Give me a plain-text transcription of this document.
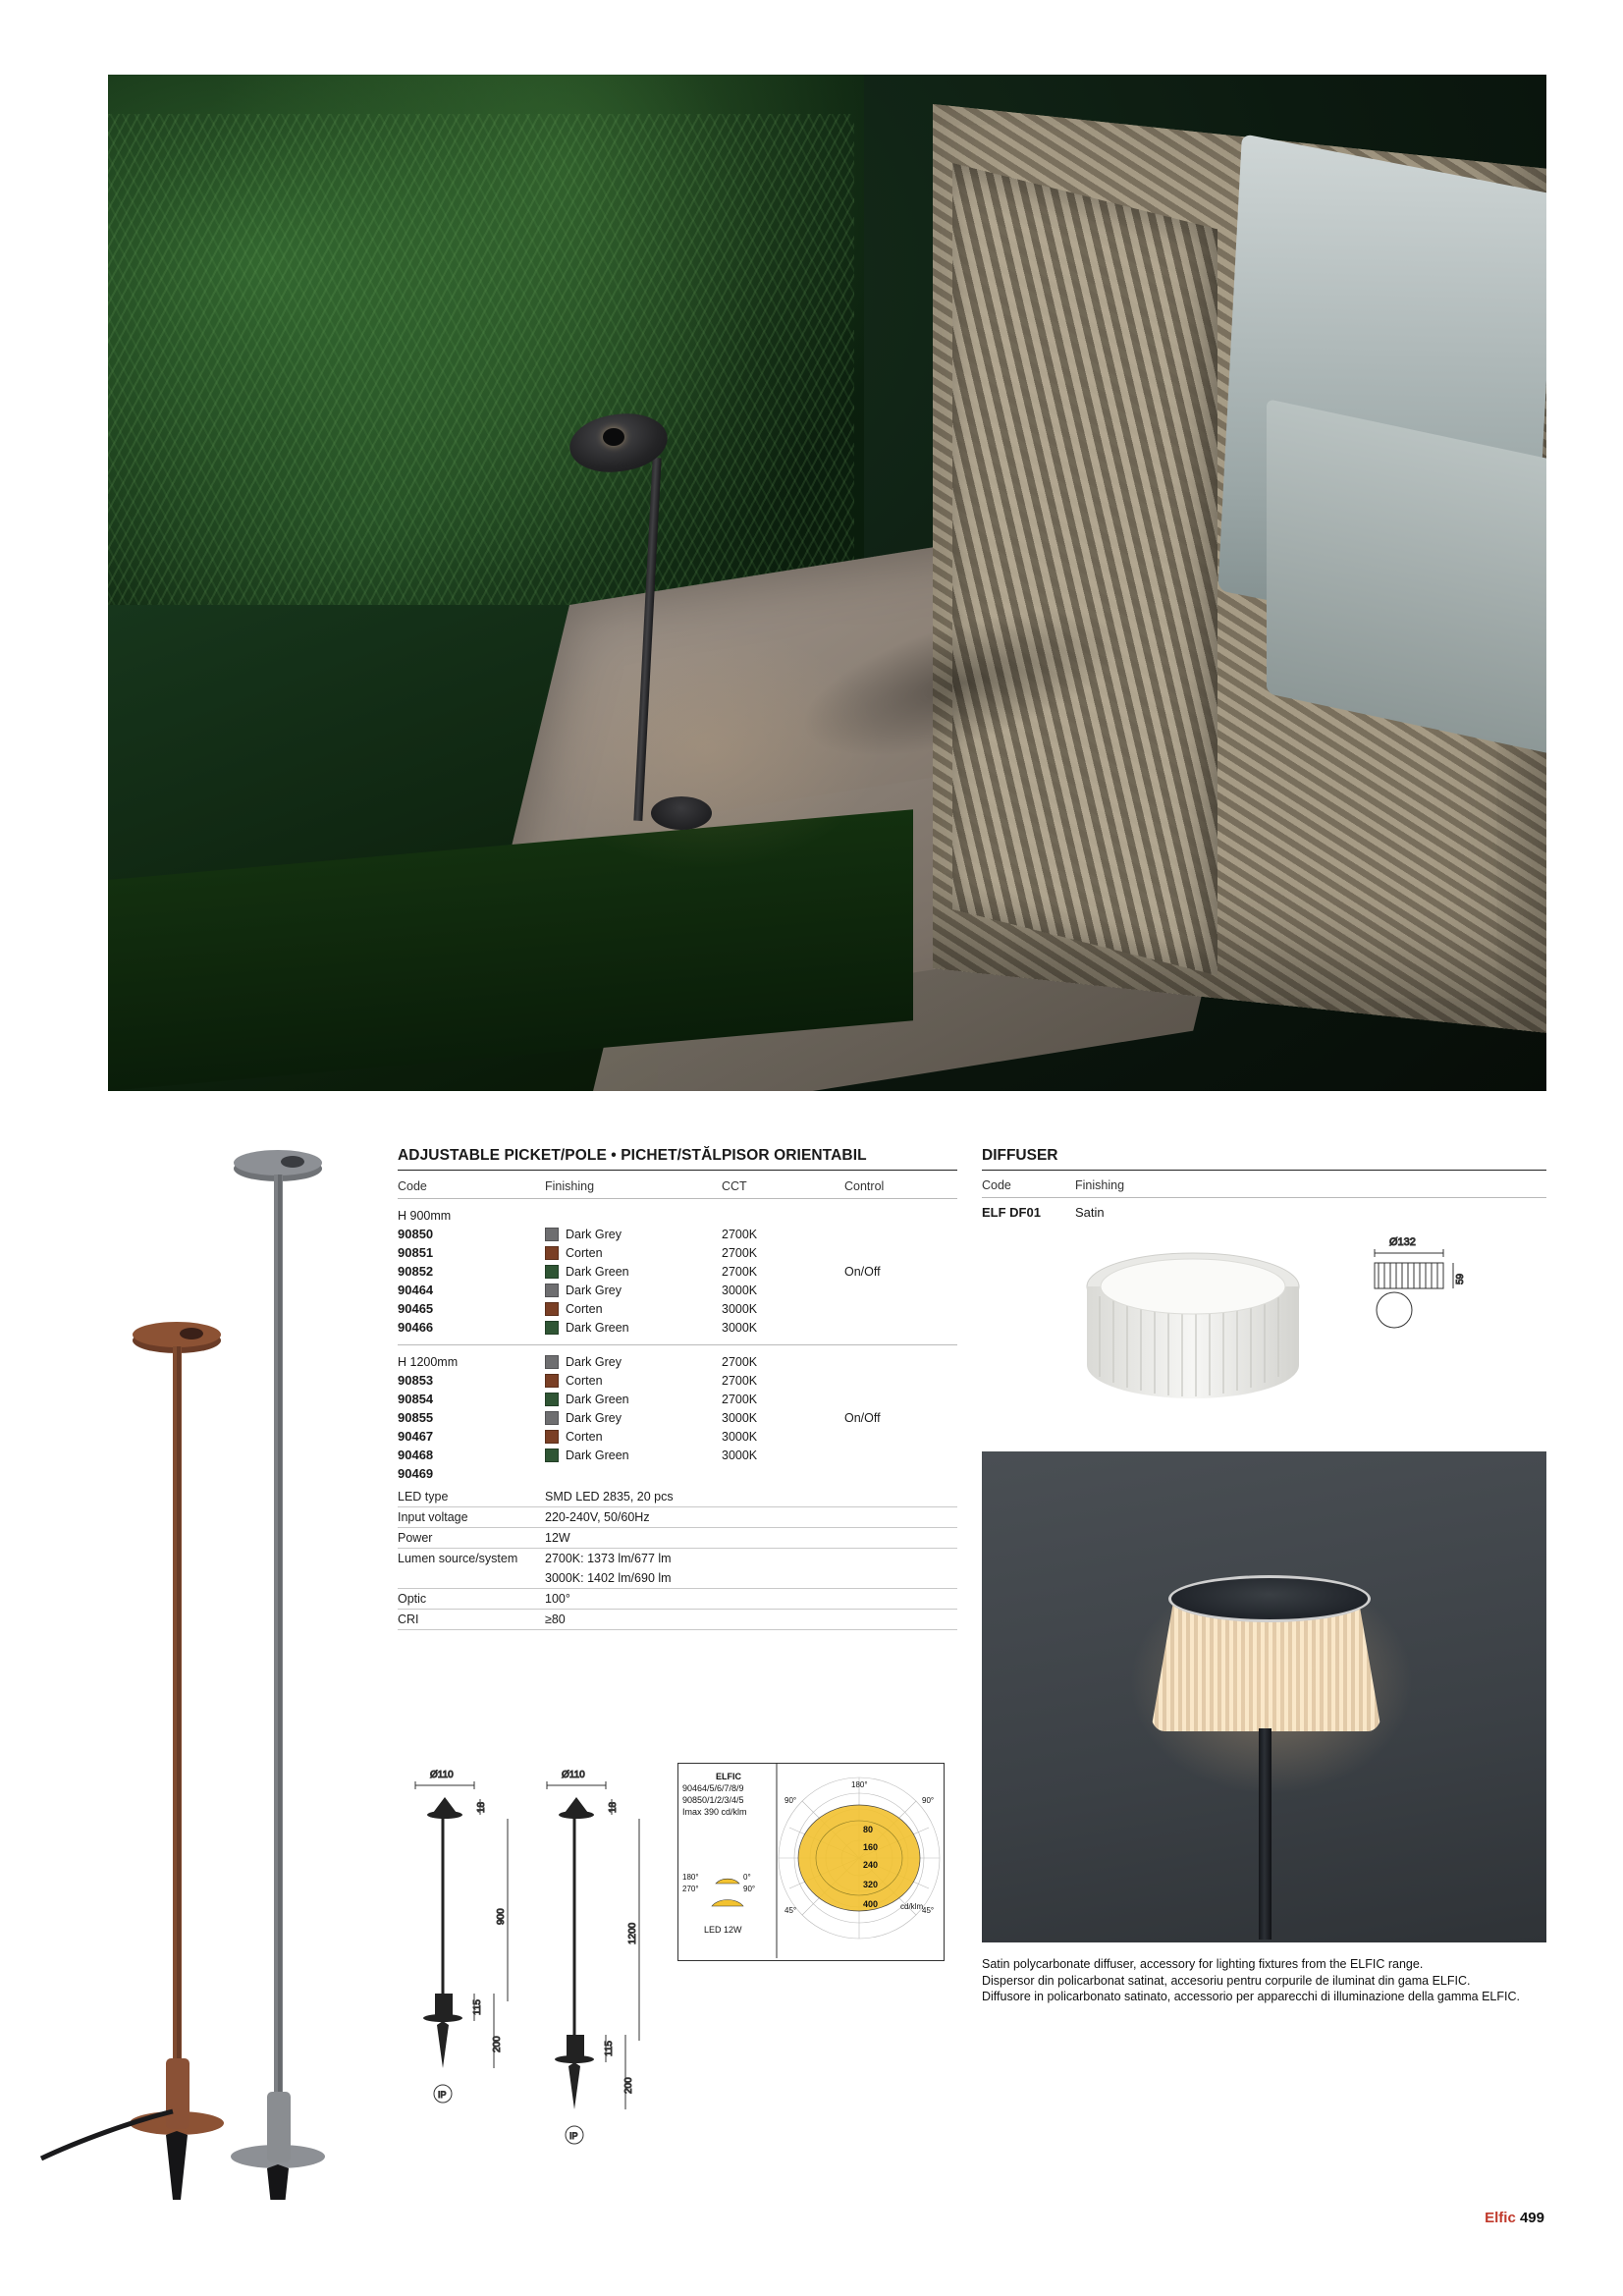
ADJUSTABLE PICKET/POLE • PICHET/STĂLPISOR ORIENTABIL
Code	Finishing	CCT	Control
H 900mm
90850	Dark Grey	2700K
90851	Corten	2700K
90852	Dark Green	2700K	On/Off
90464	Dark Grey	3000K
90465	Corten	3000K
90466	Dark Green	3000K
H 1200mm	Dark Grey	2700K
90853	Corten	2700K
90854	Dark Green	2700K
90855	Dark Grey	3000K	On/Off
90467	Corten	3000K
90468	Dark Green	3000K
90469
LED type	SMD LED 2835, 20 pcs
Input voltage	220-240V, 50/60Hz
Power	12W
Lumen source/system	2700K: 1373 lm/677 lm
3000K: 1402 lm/690 lm
Optic	100°
CRI	≥80
Ø110
18
900
115
200
IP
Ø110
18
1200
115
200
IP
ELFIC
90464/5/6/7/8/9
90850/1/2/3/4/5
Imax 390 cd/klm
180°
270°
0°
90°
LED 12W
180°
90°	90°
45°	45°
80
160
240
320
400	cd/klm
DIFFUSER
Code	Finishing
ELF DF01	Satin
Ø132
59
Satin polycarbonate diffuser, accessory for lighting fixtures from the ELFIC range.
Dispersor din policarbonat satinat, accesoriu pentru corpurile de iluminat din gama ELFIC.
Diffusore in policarbonato satinato, accessorio per apparecchi di illuminazione della gamma ELFIC.
Elfic 499
